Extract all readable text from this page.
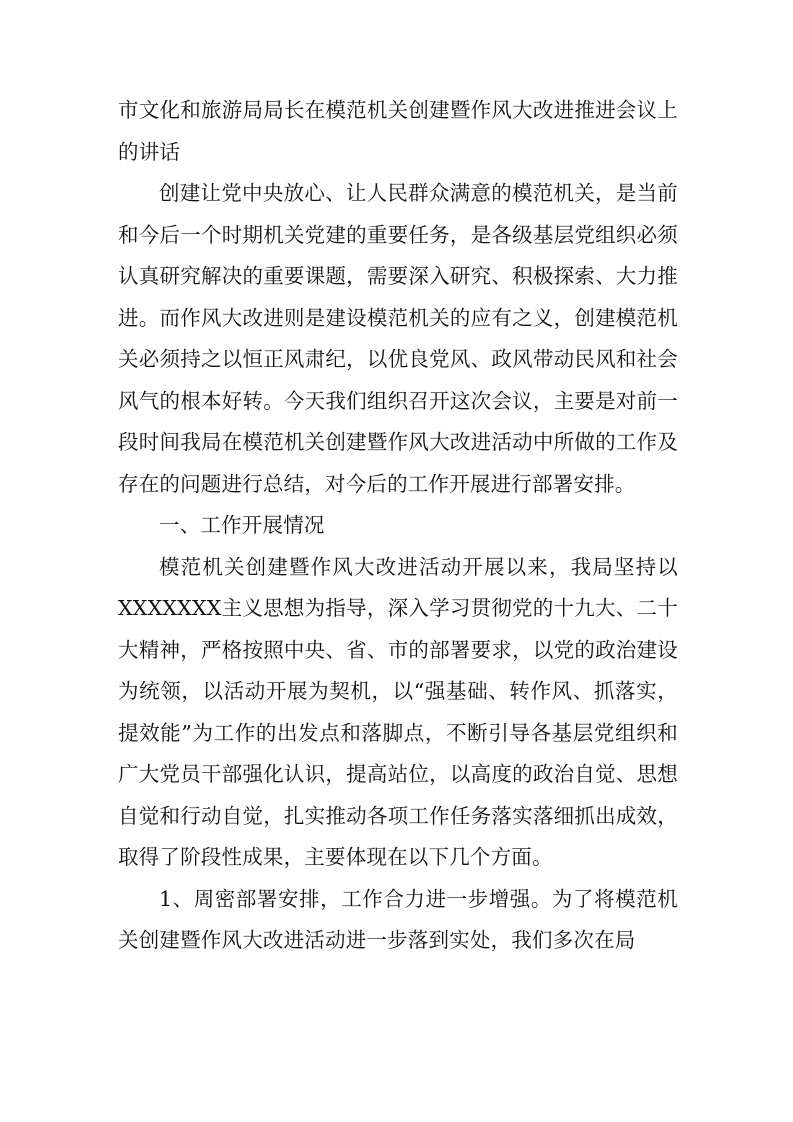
市文化和旅游局局长在模范机关创建暨作风大改进推进会议上的讲话

创建让党中央放心、让人民群众满意的模范机关，是当前和今后一个时期机关党建的重要任务，是各级基层党组织必须认真研究解决的重要课题，需要深入研究、积极探索、大力推进。而作风大改进则是建设模范机关的应有之义，创建模范机关必须持之以恒正风肃纪，以优良党风、政风带动民风和社会风气的根本好转。今天我们组织召开这次会议，主要是对前一段时间我局在模范机关创建暨作风大改进活动中所做的工作及存在的问题进行总结，对今后的工作开展进行部署安排。

一、工作开展情况

模范机关创建暨作风大改进活动开展以来，我局坚持以XXXXXXX主义思想为指导，深入学习贯彻党的十九大、二十大精神，严格按照中央、省、市的部署要求，以党的政治建设为统领，以活动开展为契机，以“强基础、转作风、抓落实，提效能”为工作的出发点和落脚点，不断引导各基层党组织和广大党员干部强化认识，提高站位，以高度的政治自觉、思想自觉和行动自觉，扎实推动各项工作任务落实落细抓出成效，取得了阶段性成果，主要体现在以下几个方面。

1、周密部署安排，工作合力进一步增强。为了将模范机关创建暨作风大改进活动进一步落到实处，我们多次在局
